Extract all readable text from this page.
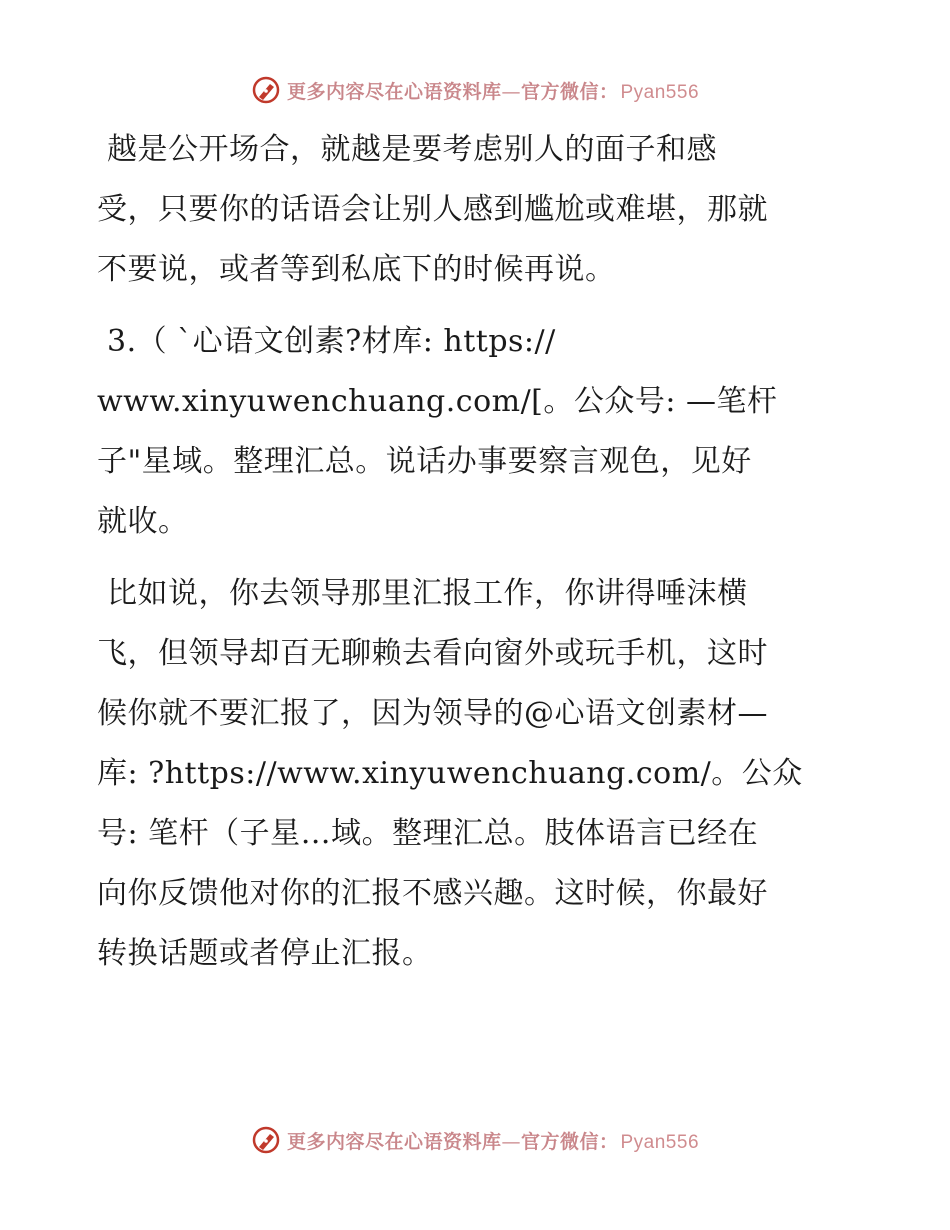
更多内容尽在心语资料库—官方微信： Pyan556

越是公开场合，就越是要考虑别人的面子和感
受，只要你的话语会让别人感到尴尬或难堪，那就
不要说，或者等到私底下的时候再说。

3.（ `心语文创素?材库: https://
www.xinyuwenchuang.com/[。公众号: —笔杆
子"星域。整理汇总。说话办事要察言观色，见好
就收。

比如说，你去领导那里汇报工作，你讲得唾沫横
飞，但领导却百无聊赖去看向窗外或玩手机，这时
候你就不要汇报了，因为领导的@心语文创素材—
库: ?https://www.xinyuwenchuang.com/。公众
号: 笔杆（子星…域。整理汇总。肢体语言已经在
向你反馈他对你的汇报不感兴趣。这时候，你最好
转换话题或者停止汇报。

更多内容尽在心语资料库—官方微信： Pyan556
